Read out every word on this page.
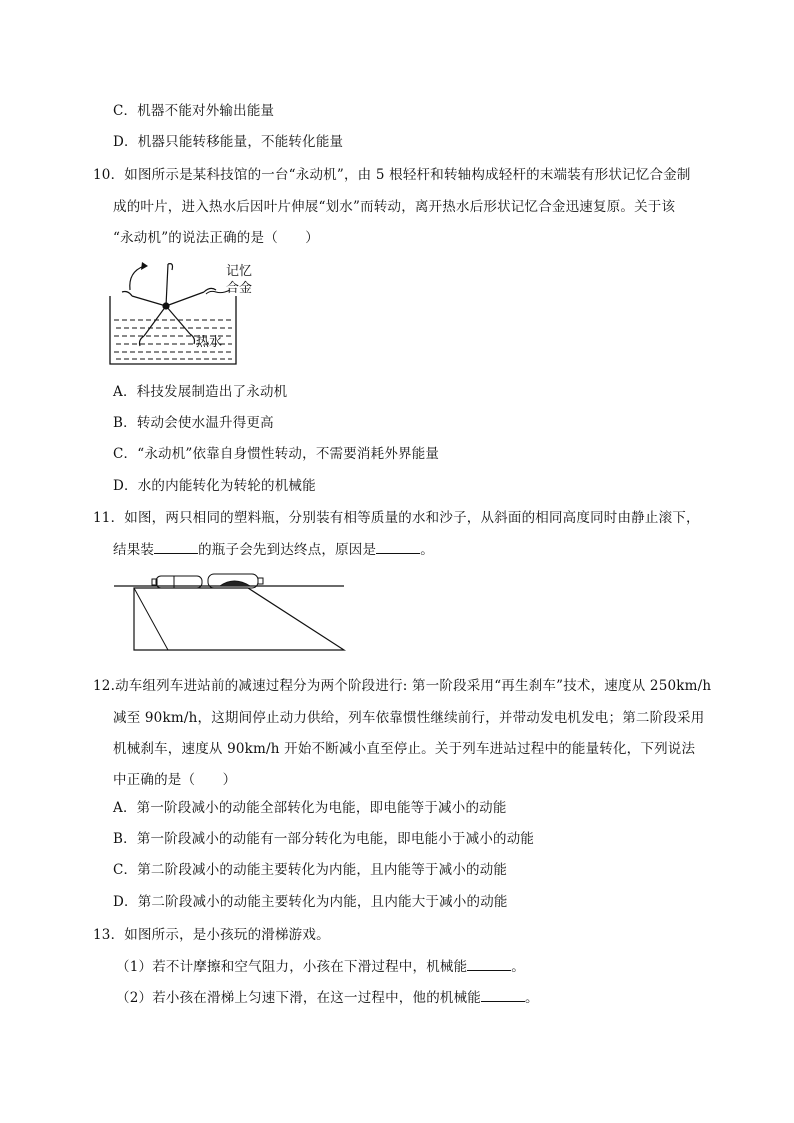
C．机器不能对外输出能量
D．机器只能转移能量，不能转化能量
10．如图所示是某科技馆的一台“永动机”，由 5 根轻杆和转轴构成轻杆的末端装有形状记忆合金制
成的叶片，进入热水后因叶片伸展“划水”而转动，离开热水后形状记忆合金迅速复原。关于该
“永动机”的说法正确的是（　　）
记忆
合金
热水
A．科技发展制造出了永动机
B．转动会使水温升得更高
C．“永动机”依靠自身惯性转动，不需要消耗外界能量
D．水的内能转化为转轮的机械能
11．如图，两只相同的塑料瓶，分别装有相等质量的水和沙子，从斜面的相同高度同时由静止滚下，
结果装	的瓶子会先到达终点，原因是	。
12.动车组列车进站前的减速过程分为两个阶段进行: 第一阶段采用“再生刹车”技术，速度从 250km/h
减至 90km/h，这期间停止动力供给，列车依靠惯性继续前行，并带动发电机发电；第二阶段采用
机械刹车，速度从 90km/h 开始不断减小直至停止。关于列车进站过程中的能量转化，下列说法
中正确的是（　　）
A．第一阶段减小的动能全部转化为电能，即电能等于减小的动能
B．第一阶段减小的动能有一部分转化为电能，即电能小于减小的动能
C．第二阶段减小的动能主要转化为内能，且内能等于减小的动能
D．第二阶段减小的动能主要转化为内能，且内能大于减小的动能
13．如图所示，是小孩玩的滑梯游戏。
（1）若不计摩擦和空气阻力，小孩在下滑过程中，机械能	。
（2）若小孩在滑梯上匀速下滑，在这一过程中，他的机械能	。
